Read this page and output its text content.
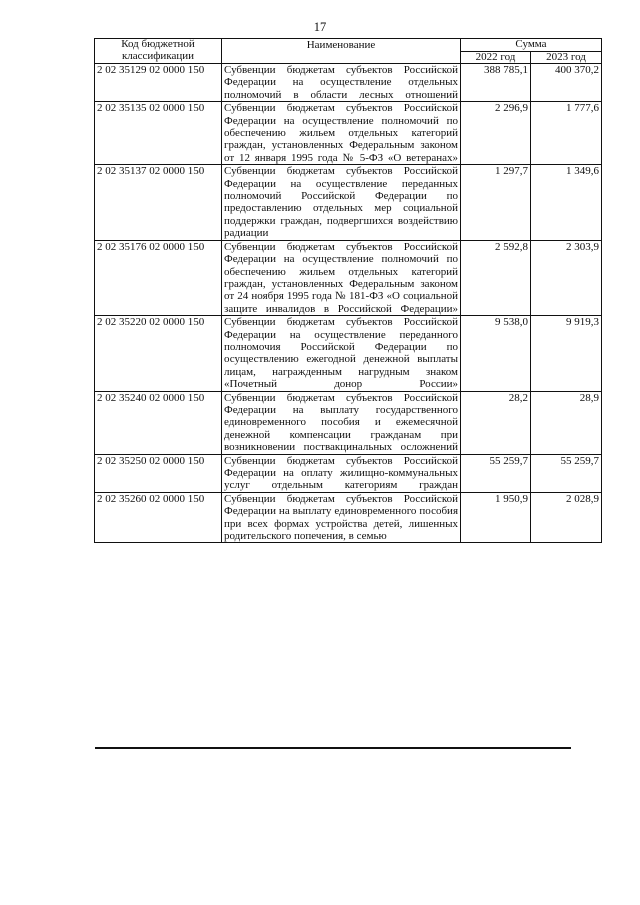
17
Код бюджетной классификации	Наименование	Сумма	
		2022 год	2023 год
2 02 35129 02 0000 150	Субвенции бюджетам субъектов Российской Федерации на осуществление отдельных полномочий в области лесных отношений	388 785,1	400 370,2
2 02 35135 02 0000 150	Субвенции бюджетам субъектов Российской Федерации на осуществление полномочий по обеспечению жильем отдельных категорий граждан, установленных Федеральным законом от 12 января 1995 года № 5-ФЗ «О ветеранах»	2 296,9	1 777,6
2 02 35137 02 0000 150	Субвенции бюджетам субъектов Российской Федерации на осуществление переданных полномочий Российской Федерации по предоставлению отдельных мер социальной поддержки граждан, подвергшихся воздействию радиации	1 297,7	1 349,6
2 02 35176 02 0000 150	Субвенции бюджетам субъектов Российской Федерации на осуществление полномочий по обеспечению жильем отдельных категорий граждан, установленных Федеральным законом от 24 ноября 1995 года № 181-ФЗ «О социальной защите инвалидов в Российской Федерации»	2 592,8	2 303,9
2 02 35220 02 0000 150	Субвенции бюджетам субъектов Российской Федерации на осуществление переданного полномочия Российской Федерации по осуществлению ежегодной денежной выплаты лицам, награжденным нагрудным знаком «Почетный донор России»	9 538,0	9 919,3
2 02 35240 02 0000 150	Субвенции бюджетам субъектов Российской Федерации на выплату государственного единовременного пособия и ежемесячной денежной компенсации гражданам при возникновении поствакцинальных осложнений	28,2	28,9
2 02 35250 02 0000 150	Субвенции бюджетам субъектов Российской Федерации на оплату жилищно-коммунальных услуг отдельным категориям граждан	55 259,7	55 259,7
2 02 35260 02 0000 150	Субвенции бюджетам субъектов Российской Федерации на выплату единовременного пособия при всех формах устройства детей, лишенных родительского попечения, в семью	1 950,9	2 028,9
